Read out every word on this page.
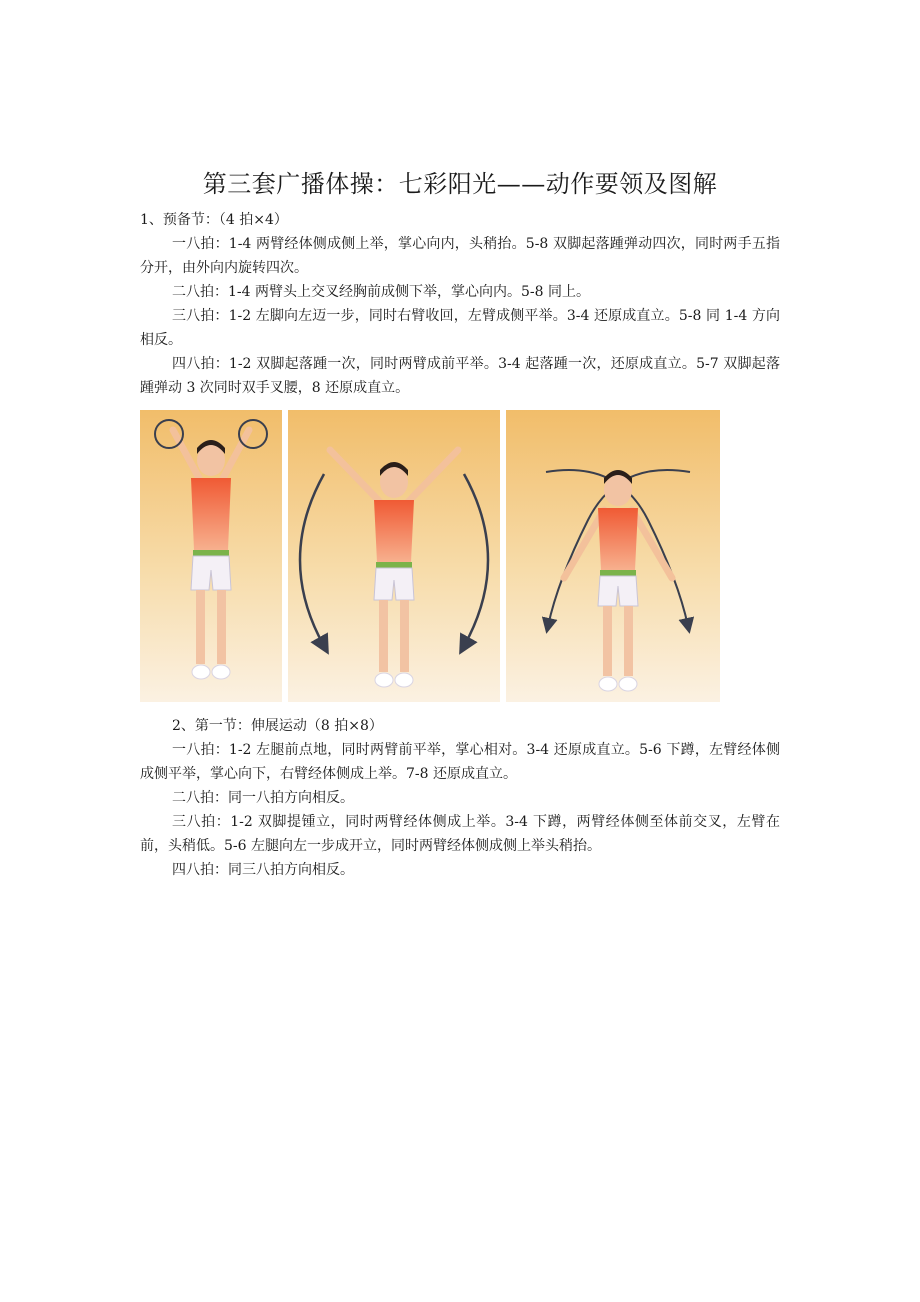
第三套广播体操：七彩阳光——动作要领及图解

1、预备节：（4 拍×4）

一八拍：1-4 两臂经体侧成侧上举，掌心向内，头稍抬。5-8 双脚起落踵弹动四次，同时两手五指分开，由外向内旋转四次。

二八拍：1-4 两臂头上交叉经胸前成侧下举，掌心向内。5-8 同上。

三八拍：1-2 左脚向左迈一步，同时右臂收回，左臂成侧平举。3-4 还原成直立。5-8 同 1-4 方向相反。

四八拍：1-2 双脚起落踵一次，同时两臂成前平举。3-4 起落踵一次，还原成直立。5-7 双脚起落踵弹动 3 次同时双手叉腰，8 还原成直立。

2、第一节：伸展运动（8 拍×8）

一八拍：1-2 左腿前点地，同时两臂前平举，掌心相对。3-4 还原成直立。5-6 下蹲，左臂经体侧成侧平举，掌心向下，右臂经体侧成上举。7-8 还原成直立。

二八拍：同一八拍方向相反。

三八拍：1-2 双脚提锺立，同时两臂经体侧成上举。3-4 下蹲，两臂经体侧至体前交叉，左臂在前，头稍低。5-6 左腿向左一步成开立，同时两臂经体侧成侧上举头稍抬。

四八拍：同三八拍方向相反。
